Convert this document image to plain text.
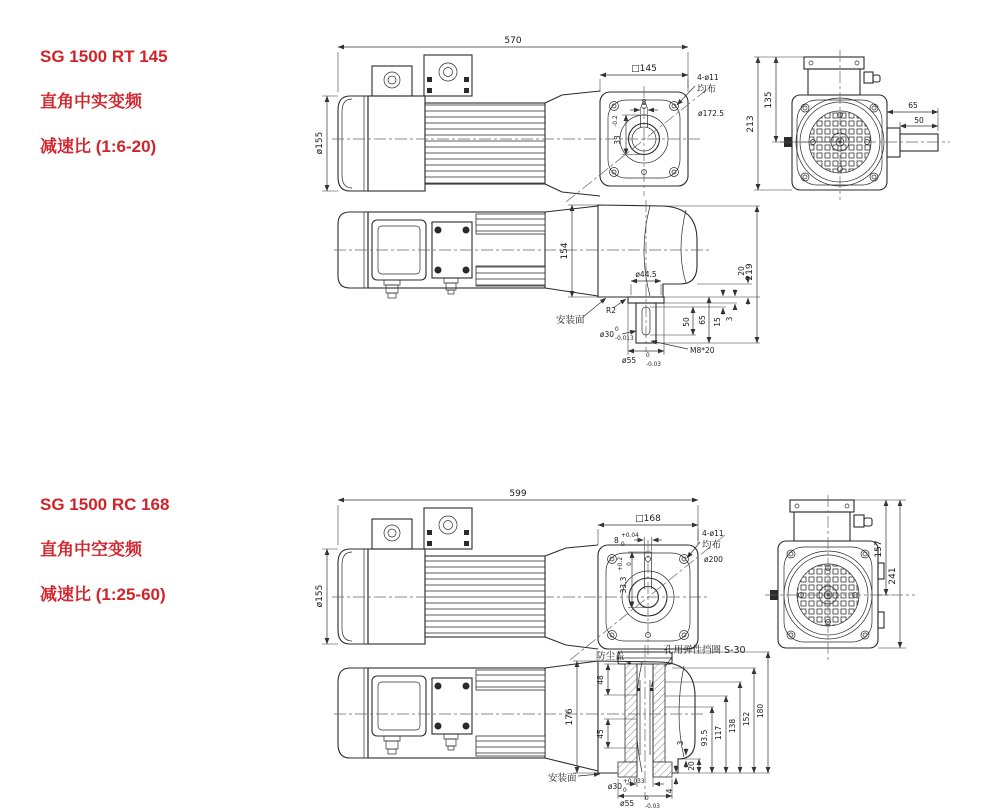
SG 1500 RT 145

直角中实变频

减速比 (1:6-20)

SG 1500 RC 168

直角中空变频

减速比 (1:25-60)

570
ø155
□145
4-ø11
均布
ø172.5
8
33
-0.2
135
213
65
50
154
219
ø44.5
R2
安装面
ø30 0
-0.013
ø55 0
-0.03
M8*20
50 65 15 3
20
599
ø155
□168
8 +0.04
0
4-ø11
均布
ø200
33.3
+0.2 0
防尘盖
孔用弹性挡圈 S-30
176
48
45
安装面
ø30 +0.033
0
ø55 0
-0.03
3
20
4
93.5 117 138 152
180
157
241
